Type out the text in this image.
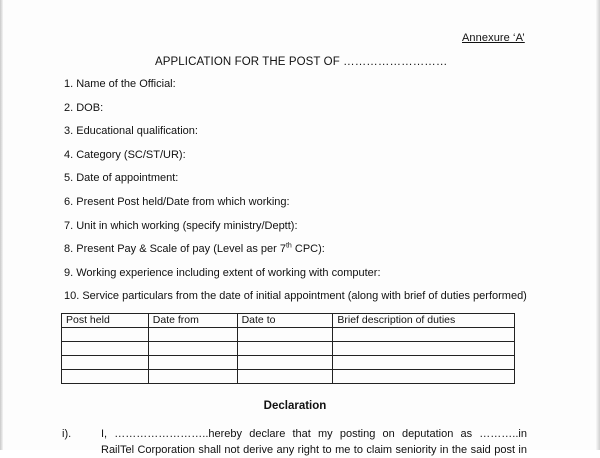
Annexure ‘A’
APPLICATION FOR THE POST OF ………………………
1. Name of the Official:
2. DOB:
3. Educational qualification:
4. Category (SC/ST/UR):
5. Date of appointment:
6. Present Post held/Date from which working:
7. Unit in which working (specify ministry/Deptt):
8. Present Pay & Scale of pay (Level as per 7th CPC):
9. Working experience including extent of working with computer:
10. Service particulars from the date of initial appointment (along with brief of duties performed)
Post held	Date from	Date to	Brief description of duties

Declaration
i).	I, ……………………..hereby declare that my posting on deputation as ………..in
RailTel Corporation shall not derive any right to me to claim seniority in the said post in
